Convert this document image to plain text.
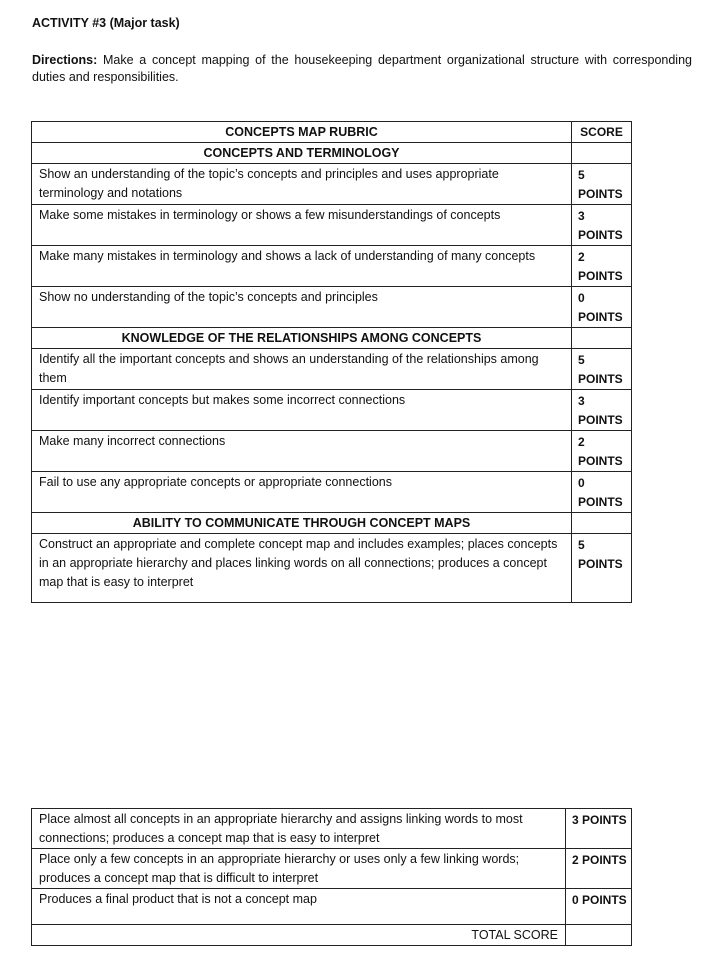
ACTIVITY #3 (Major task)
Directions: Make a concept mapping of the housekeeping department organizational structure with corresponding duties and responsibilities.
CONCEPTS MAP RUBRIC	SCORE
CONCEPTS AND TERMINOLOGY	
Show an understanding of the topic’s concepts and principles and uses appropriate terminology and notations	5 POINTS
Make some mistakes in terminology or shows a few misunderstandings of concepts	3 POINTS
Make many mistakes in terminology and shows a lack of understanding of many concepts	2 POINTS
Show no understanding of the topic’s concepts and principles	0 POINTS
KNOWLEDGE OF THE RELATIONSHIPS AMONG CONCEPTS	
Identify all the important concepts and shows an understanding of the relationships among them	5 POINTS
Identify important concepts but makes some incorrect connections	3 POINTS
Make many incorrect connections	2 POINTS
Fail to use any appropriate concepts or appropriate connections	0 POINTS
ABILITY TO COMMUNICATE THROUGH CONCEPT MAPS	
Construct an appropriate and complete concept map and includes examples; places concepts in an appropriate hierarchy and places linking words on all connections; produces a concept map that is easy to interpret	5 POINTS
Place almost all concepts in an appropriate hierarchy and assigns linking words to most connections; produces a concept map that is easy to interpret	3 POINTS
Place only a few concepts in an appropriate hierarchy or uses only a few linking words; produces a concept map that is difficult to interpret	2 POINTS
Produces a final product that is not a concept map	0 POINTS
TOTAL SCORE	
